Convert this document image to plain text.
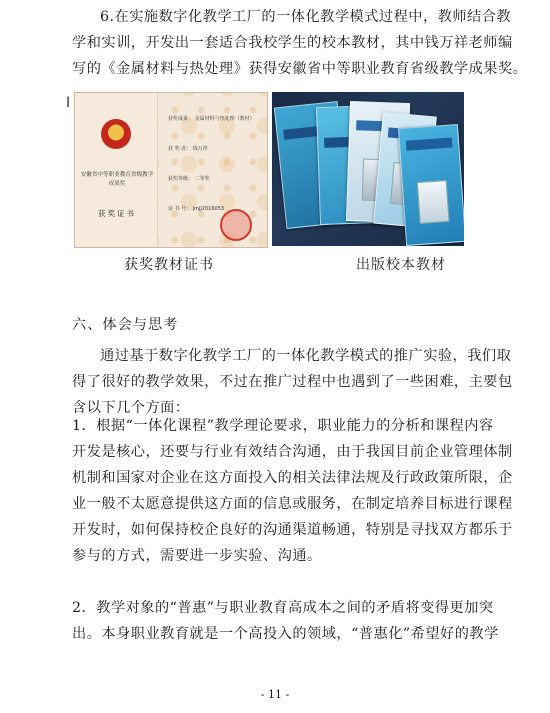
6.在实施数字化教学工厂的一体化教学模式过程中，教师结合教
学和实训，开发出一套适合我校学生的校本教材，其中钱万祥老师编
写的《金属材料与热处理》获得安徽省中等职业教育省级教学成果奖。

I
安徽省中等职业教育省级教学成果奖
获奖证书
获奖成果： 金属材料与热处理（教材）
获 奖 者： 钱万祥
获奖等级： 二等奖
证 书 号： jmjj2016053
获奖教材证书	出版校本教材
六、体会与思考

通过基于数字化教学工厂的一体化教学模式的推广实验，我们取
得了很好的教学效果，不过在推广过程中也遇到了一些困难，主要包
含以下几个方面：

1．根据“一体化课程”教学理论要求，职业能力的分析和课程内容
开发是核心，还要与行业有效结合沟通，由于我国目前企业管理体制
机制和国家对企业在这方面投入的相关法律法规及行政政策所限，企
业一般不太愿意提供这方面的信息或服务，在制定培养目标进行课程
开发时，如何保持校企良好的沟通渠道畅通，特别是寻找双方都乐于
参与的方式，需要进一步实验、沟通。

2．教学对象的“普惠”与职业教育高成本之间的矛盾将变得更加突
出。本身职业教育就是一个高投入的领域，“普惠化”希望好的教学

- 11 -
